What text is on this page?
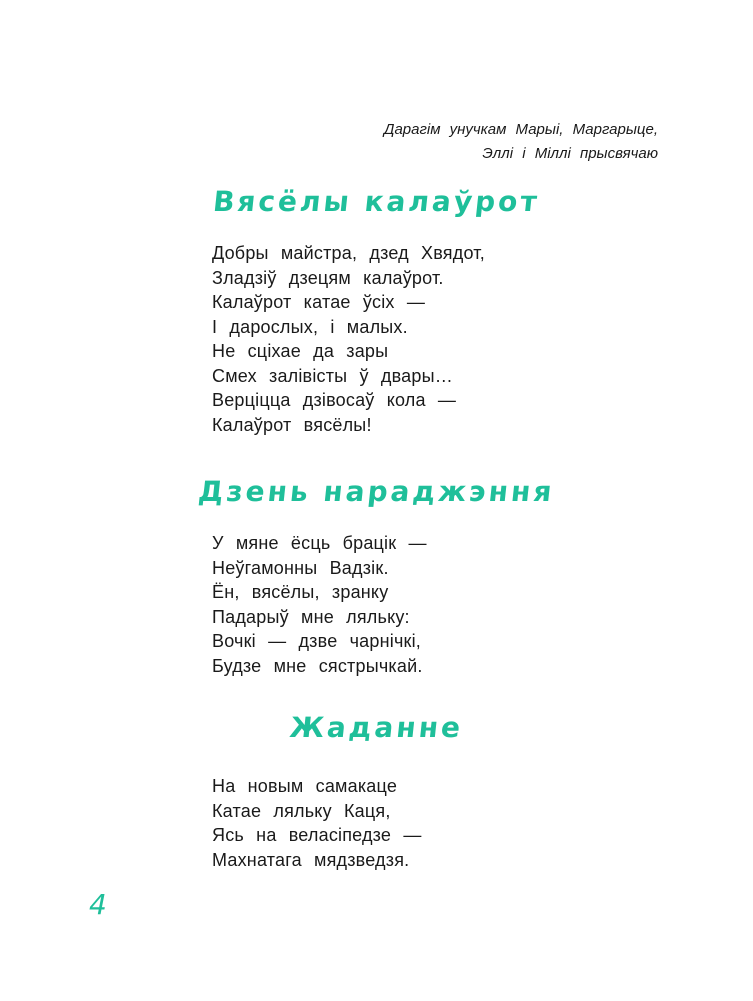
Дарагім унучкам Марыі, Маргарыце,
Эллі і Міллі прысвячаю
Вясёлы калаўрот
Добры майстра, дзед Хвядот,
Зладзіў дзецям калаўрот.
Калаўрот катае ўсіх —
І дарослых, і малых.
Не сціхае да зары
Смех залівісты ў двары…
Верціцца дзівосаў кола —
Калаўрот вясёлы!
Дзень нараджэння
У мяне ёсць брацік —
Неўгамонны Вадзік.
Ён, вясёлы, зранку
Падарыў мне ляльку:
Вочкі — дзве чарнічкі,
Будзе мне сястрычкай.
Жаданне
На новым самакаце
Катае ляльку Каця,
Ясь на веласіпедзе —
Махнатага мядзведзя.
4
